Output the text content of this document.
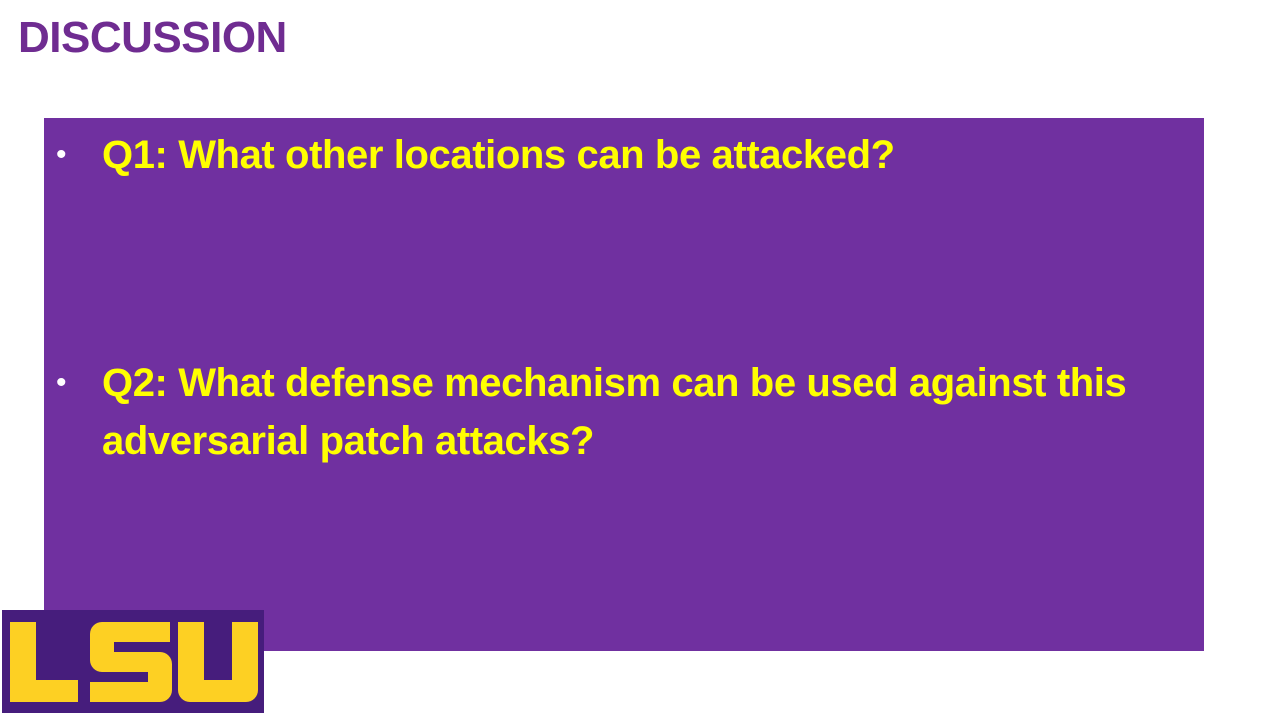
DISCUSSION
• Q1: What other locations can be attacked?
• Q2: What defense mechanism can be used against this adversarial patch attacks?
